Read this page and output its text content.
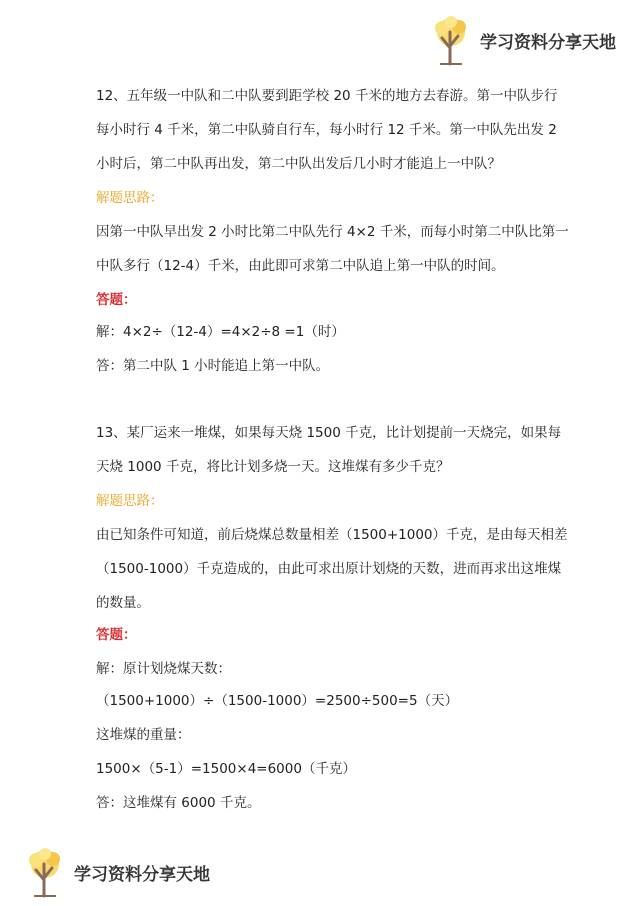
学习资料分享天地
12、五年级一中队和二中队要到距学校 20 千米的地方去春游。第一中队步行
每小时行 4 千米，第二中队骑自行车，每小时行 12 千米。第一中队先出发 2
小时后，第二中队再出发，第二中队出发后几小时才能追上一中队？
解题思路：
因第一中队早出发 2 小时比第二中队先行 4×2 千米，而每小时第二中队比第一
中队多行（12-4）千米，由此即可求第二中队追上第一中队的时间。
答题：
解：4×2÷（12-4）=4×2÷8 =1（时）
答：第二中队 1 小时能追上第一中队。
13、某厂运来一堆煤，如果每天烧 1500 千克，比计划提前一天烧完，如果每
天烧 1000 千克，将比计划多烧一天。这堆煤有多少千克？
解题思路：
由已知条件可知道，前后烧煤总数量相差（1500+1000）千克，是由每天相差
（1500-1000）千克造成的，由此可求出原计划烧的天数，进而再求出这堆煤
的数量。
答题：
解：原计划烧煤天数：
（1500+1000）÷（1500-1000）=2500÷500=5（天）
这堆煤的重量：
1500×（5-1）=1500×4=6000（千克）
答：这堆煤有 6000 千克。
学习资料分享天地
